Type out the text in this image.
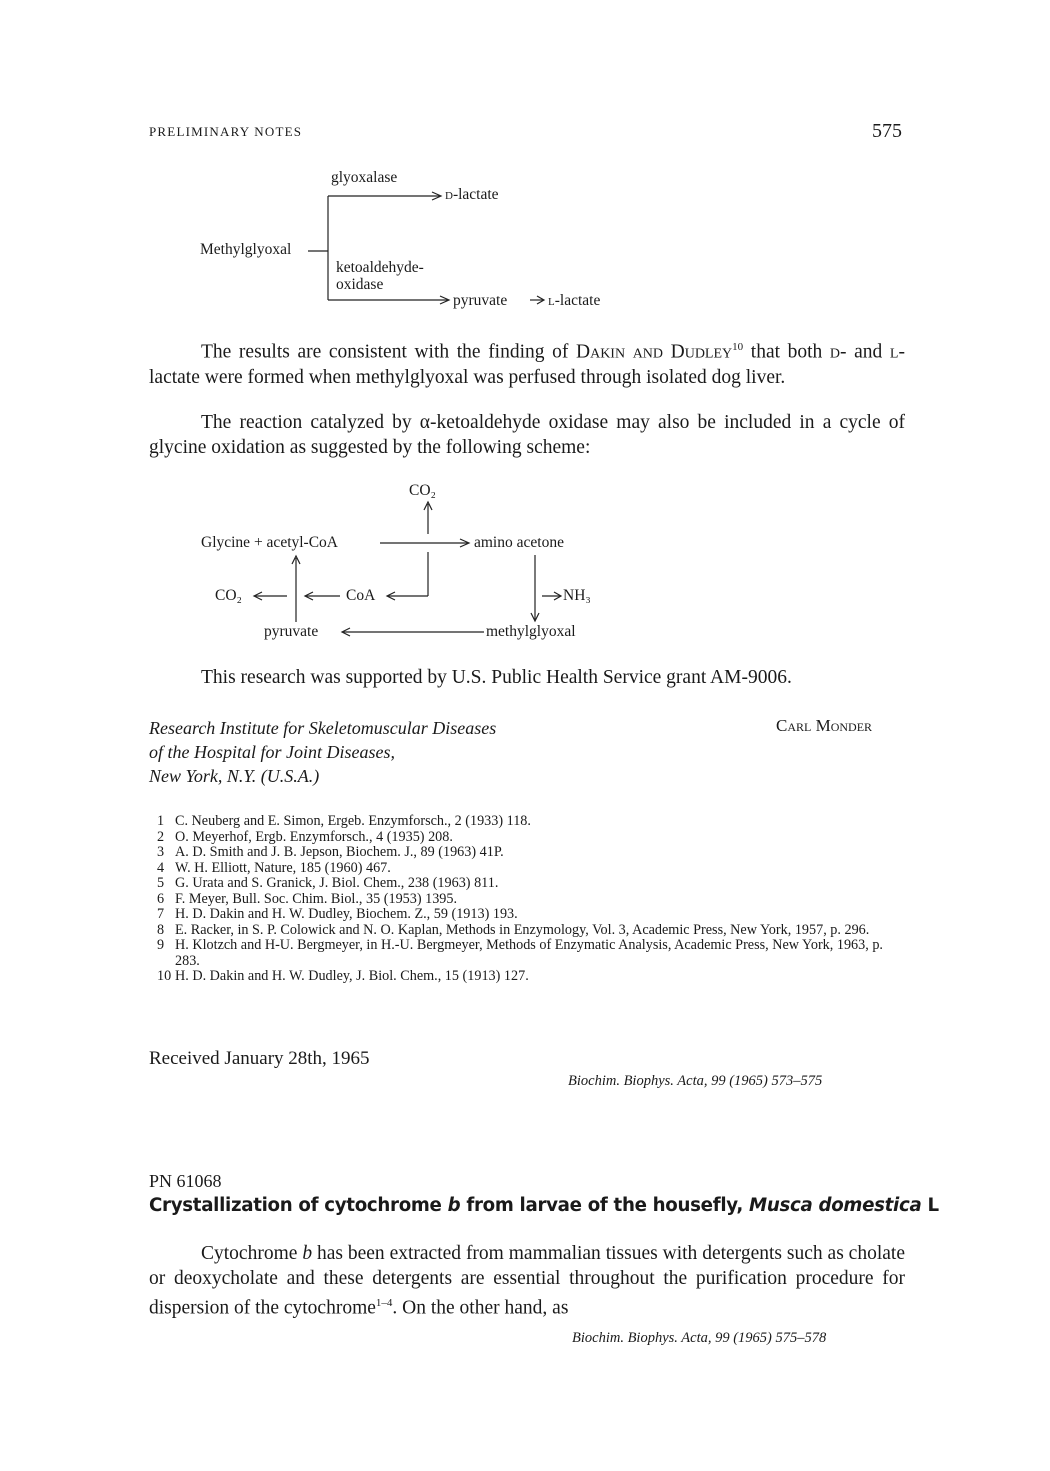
PRELIMINARY NOTES	575
Methylglyoxal
glyoxalase
d-lactate
ketoaldehyde-
oxidase
pyruvate	l-lactate

The results are consistent with the finding of Dakin and Dudley$^{10}$ that both d- and l-lactate were formed when methylglyoxal was perfused through isolated dog liver.

The reaction catalyzed by α-ketoaldehyde oxidase may also be included in a cycle of glycine oxidation as suggested by the following scheme:

CO₂
Glycine + acetyl-CoA	amino acetone
CO₂	CoA	NH₃
pyruvate	methylglyoxal

This research was supported by U.S. Public Health Service grant AM-9006.

Research Institute for Skeletomuscular Diseases
of the Hospital for Joint Diseases,
New York, N.Y. (U.S.A.)
Carl Monder
1 C. Neuberg and E. Simon, Ergeb. Enzymforsch., 2 (1933) 118.
2 O. Meyerhof, Ergb. Enzymforsch., 4 (1935) 208.
3 A. D. Smith and J. B. Jepson, Biochem. J., 89 (1963) 41P.
4 W. H. Elliott, Nature, 185 (1960) 467.
5 G. Urata and S. Granick, J. Biol. Chem., 238 (1963) 811.
6 F. Meyer, Bull. Soc. Chim. Biol., 35 (1953) 1395.
7 H. D. Dakin and H. W. Dudley, Biochem. Z., 59 (1913) 193.
8 E. Racker, in S. P. Colowick and N. O. Kaplan, Methods in Enzymology, Vol. 3, Academic Press, New York, 1957, p. 296.
9 H. Klotzch and H-U. Bergmeyer, in H.-U. Bergmeyer, Methods of Enzymatic Analysis, Academic Press, New York, 1963, p. 283.
10 H. D. Dakin and H. W. Dudley, J. Biol. Chem., 15 (1913) 127.
Received January 28th, 1965
Biochim. Biophys. Acta, 99 (1965) 573–575
PN 61068
Crystallization of cytochrome b from larvae of the housefly, Musca domestica L

Cytochrome b has been extracted from mammalian tissues with detergents such as cholate or deoxycholate and these detergents are essential throughout the purification procedure for dispersion of the cytochrome$^{1-4}$. On the other hand, as

Biochim. Biophys. Acta, 99 (1965) 575–578
